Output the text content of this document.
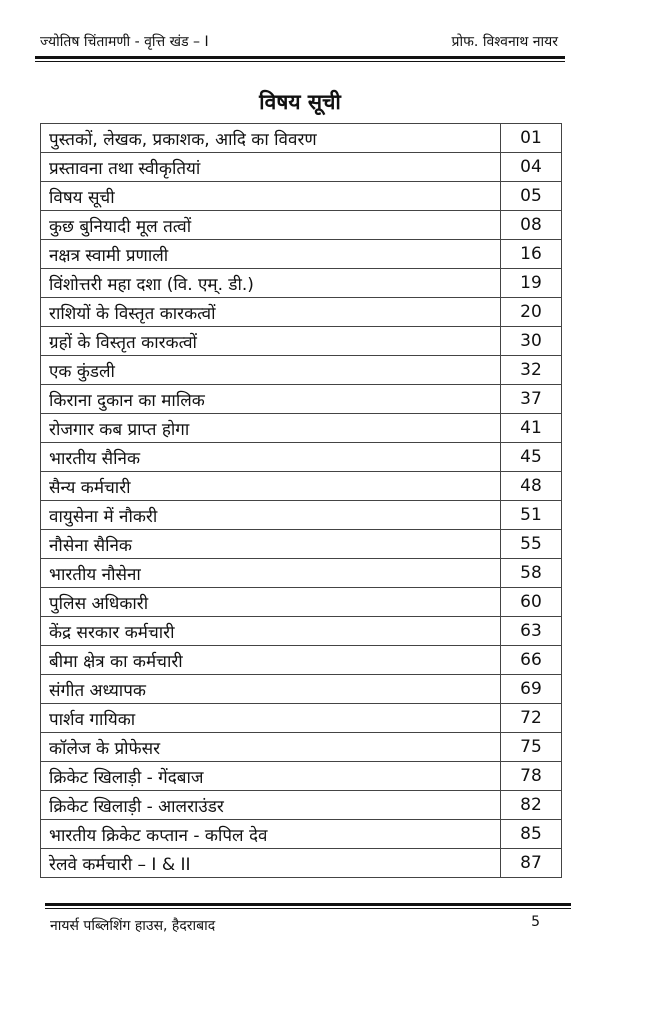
ज्योतिष चिंतामणी - वृत्ति खंड – I	प्रोफ. विश्वनाथ नायर
विषय सूची
पुस्तकों, लेखक, प्रकाशक, आदि का विवरण	01
प्रस्तावना तथा स्वीकृतियां	04
विषय सूची	05
कुछ बुनियादी मूल तत्वों	08
नक्षत्र स्वामी प्रणाली	16
विंशोत्तरी महा दशा (वि. एम्. डी.)	19
राशियों के विस्तृत कारकत्वों	20
ग्रहों के विस्तृत कारकत्वों	30
एक कुंडली	32
किराना दुकान का मालिक	37
रोजगार कब प्राप्त होगा	41
भारतीय सैनिक	45
सैन्य कर्मचारी	48
वायुसेना में नौकरी	51
नौसेना सैनिक	55
भारतीय नौसेना	58
पुलिस अधिकारी	60
केंद्र सरकार कर्मचारी	63
बीमा क्षेत्र का कर्मचारी	66
संगीत अध्यापक	69
पार्शव गायिका	72
कॉलेज के प्रोफेसर	75
क्रिकेट खिलाड़ी - गेंदबाज	78
क्रिकेट खिलाड़ी - आलराउंडर	82
भारतीय क्रिकेट कप्तान - कपिल देव	85
रेलवे कर्मचारी – I & II	87
नायर्स पब्लिशिंग हाउस, हैदराबाद	5
